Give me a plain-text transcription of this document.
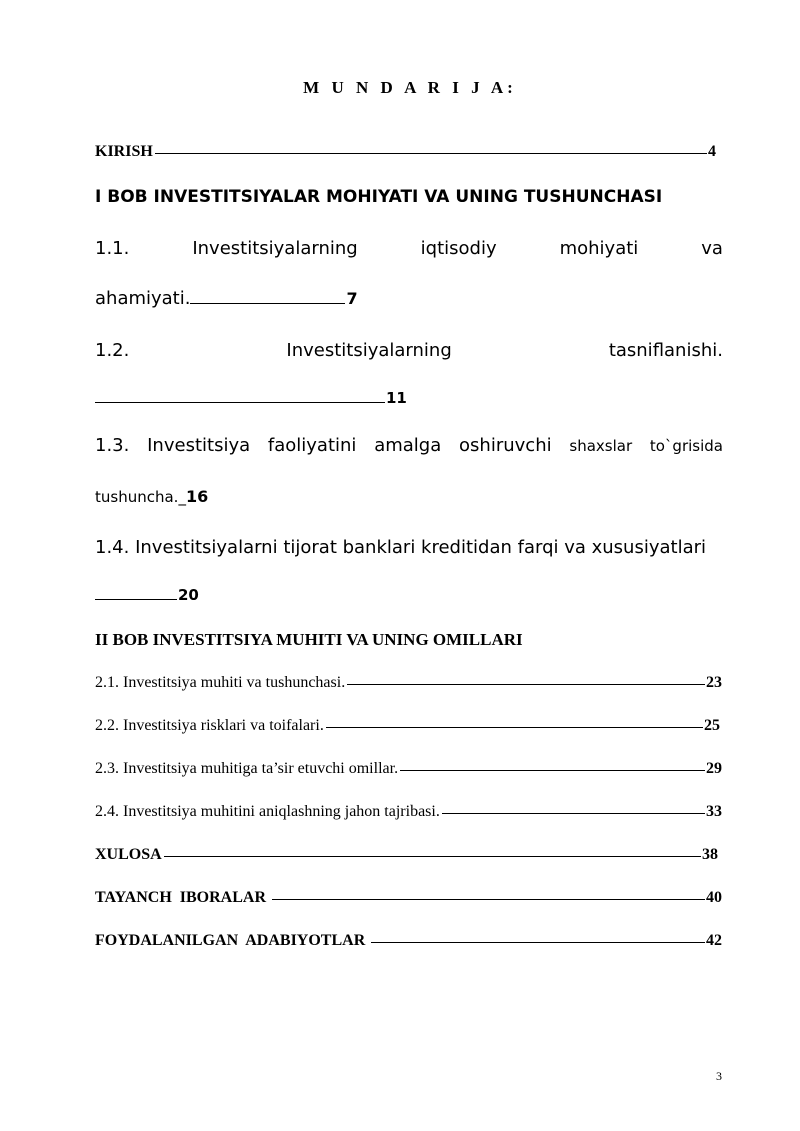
M U N D A R I J A:
KIRISH	4
I BOB INVESTITSIYALAR MOHIYATI VA UNING TUSHUNCHASI
1.1.	Investitsiyalarning	iqtisodiy	mohiyati	va
ahamiyati.	7
1.2.	Investitsiyalarning	tasniflanishi.
11
1.3. Investitsiya faoliyatini amalga oshiruvchi shaxslar to`grisida
tushuncha._16
1.4. Investitsiyalarni tijorat banklari kreditidan farqi va xususiyatlari
20
II BOB INVESTITSIYA MUHITI VA UNING OMILLARI
2.1. Investitsiya muhiti va tushunchasi.	23
2.2. Investitsiya risklari va toifalari.	25
2.3. Investitsiya muhitiga ta’sir etuvchi omillar.	29
2.4. Investitsiya muhitini aniqlashning jahon tajribasi.	33
XULOSA	38
TAYANCH  IBORALAR	40
FOYDALANILGAN  ADABIYOTLAR	42
3
